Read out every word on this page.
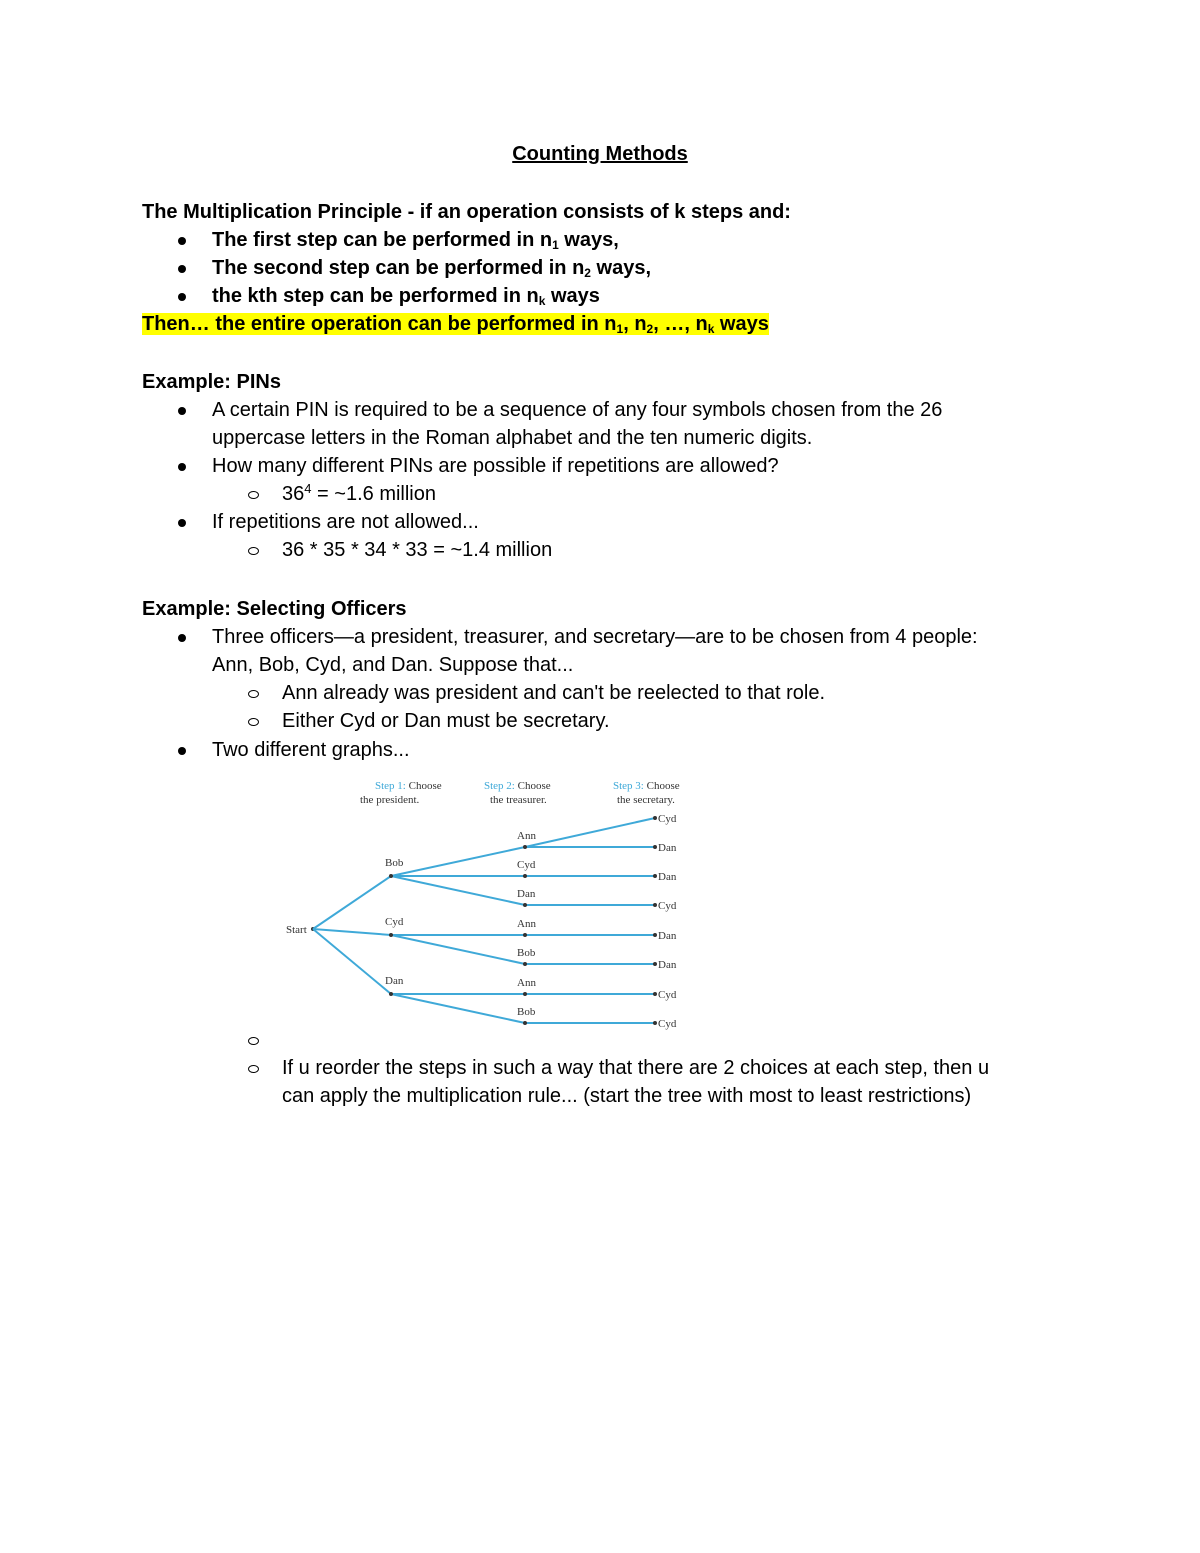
Counting Methods
The Multiplication Principle - if an operation consists of k steps and:
The first step can be performed in $n_1$ ways,
The second step can be performed in $n_2$ ways,
the kth step can be performed in $n_k$ ways
Then… the entire operation can be performed in $n_1$, $n_2$, …, $n_k$ ways
Example: PINs
A certain PIN is required to be a sequence of any four symbols chosen from the 26
uppercase letters in the Roman alphabet and the ten numeric digits.
How many different PINs are possible if repetitions are allowed?
$36^4$ = ~1.6 million
If repetitions are not allowed...
36 * 35 * 34 * 33 = ~1.4 million
Example: Selecting Officers
Three officers—a president, treasurer, and secretary—are to be chosen from 4 people:
Ann, Bob, Cyd, and Dan. Suppose that...
Ann already was president and can't be reelected to that role.
Either Cyd or Dan must be secretary.
Two different graphs...
Step 1: Choose
the president.
Step 2: Choose
the treasurer.
Step 3: Choose
the secretary.
Start
Bob
Cyd
Dan
Ann
Cyd
Dan
Ann
Bob
Ann
Bob
Cyd
Dan
Dan
Cyd
Dan
Dan
Cyd
Cyd
If u reorder the steps in such a way that there are 2 choices at each step, then u
can apply the multiplication rule... (start the tree with most to least restrictions)
